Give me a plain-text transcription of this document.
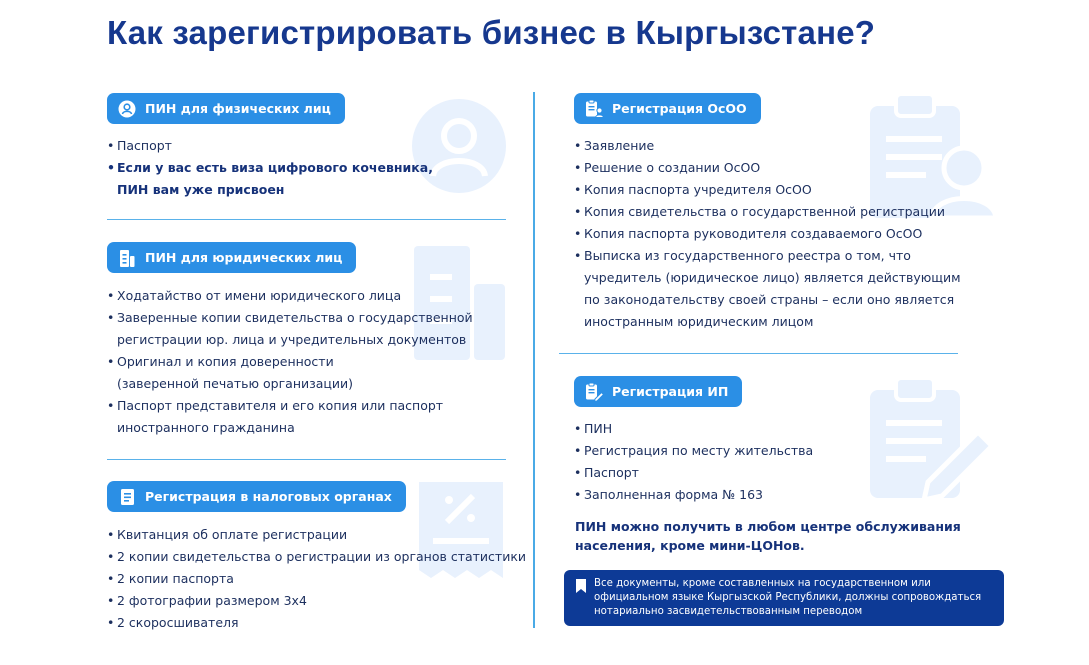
Как зарегистрировать бизнес в Кыргызстане?
ПИН для физических лиц
• Паспорт
• Если у вас есть виза цифрового кочевника,
ПИН вам уже присвоен
ПИН для юридических лиц
• Ходатайство от имени юридического лица
• Заверенные копии свидетельства о государственной
регистрации юр. лица и учредительных документов
• Оригинал и копия доверенности
(заверенной печатью организации)
• Паспорт представителя и его копия или паспорт
иностранного гражданина
Регистрация в налоговых органах
• Квитанция об оплате регистрации
• 2 копии свидетельства о регистрации из органов статистики
• 2 копии паспорта
• 2 фотографии размером 3х4
• 2 скоросшивателя
Регистрация ОсОО
• Заявление
• Решение о создании ОсОО
• Копия паспорта учредителя ОсОО
• Копия свидетельства о государственной регистрации
• Копия паспорта руководителя создаваемого ОсОО
• Выписка из государственного реестра о том, что
учредитель (юридическое лицо) является действующим
по законодательству своей страны – если оно является
иностранным юридическим лицом
Регистрация ИП
• ПИН
• Регистрация по месту жительства
• Паспорт
• Заполненная форма № 163
ПИН можно получить в любом центре обслуживания
населения, кроме мини-ЦОНов.
Все документы, кроме составленных на государственном или
официальном языке Кыргызской Республики, должны сопровождаться
нотариально засвидетельствованным переводом
